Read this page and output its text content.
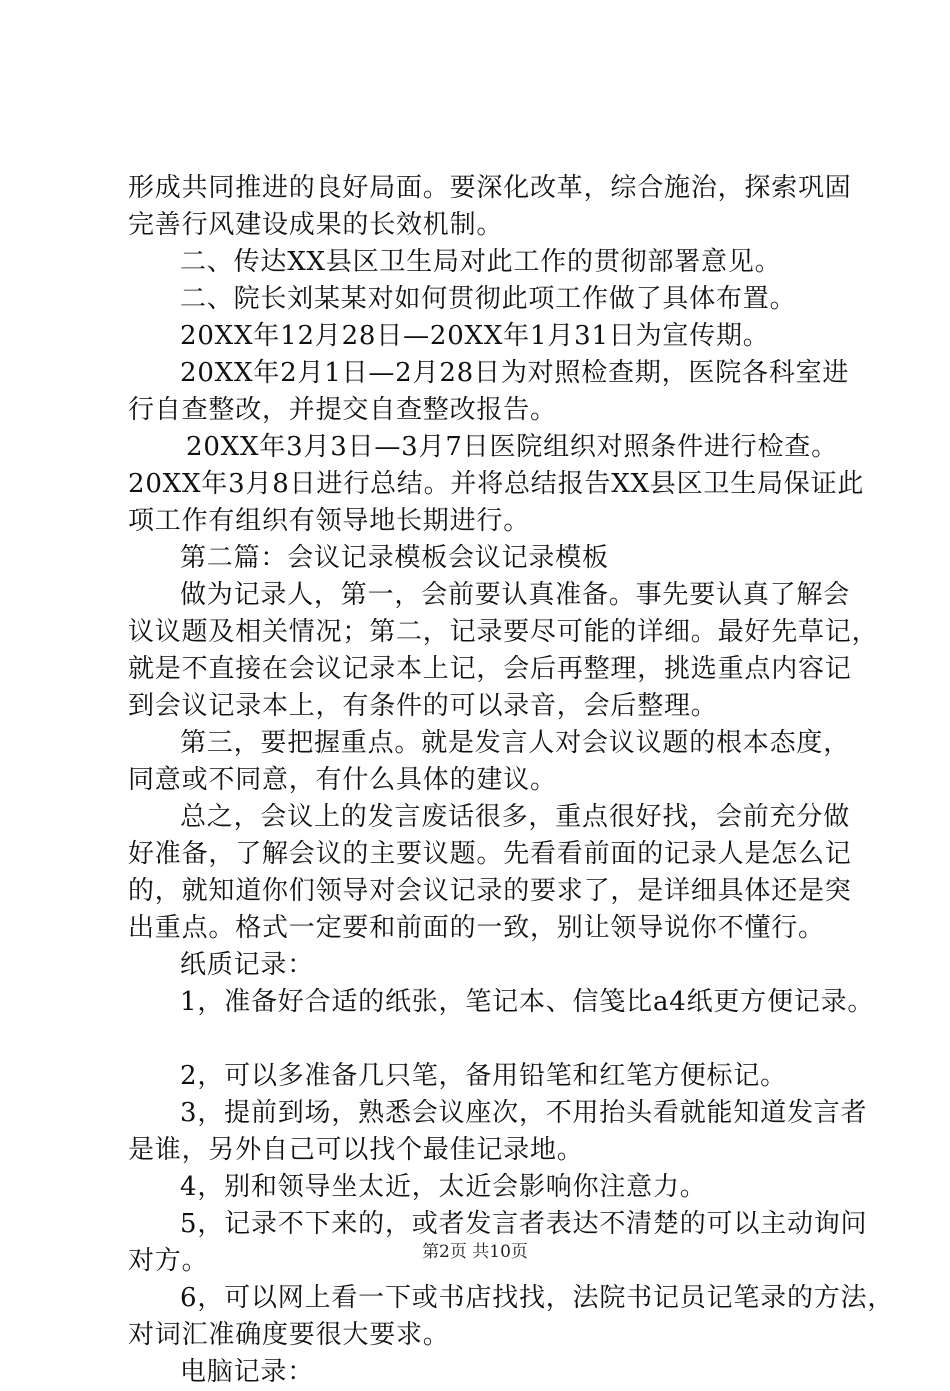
形成共同推进的良好局面。要深化改革，综合施治，探索巩固
完善行风建设成果的长效机制。
二、传达XX县区卫生局对此工作的贯彻部署意见。
二、院长刘某某对如何贯彻此项工作做了具体布置。
20XX年12月28日—20XX年1月31日为宣传期。
20XX年2月1日—2月28日为对照检查期，医院各科室进
行自查整改，并提交自查整改报告。
20XX年3月3日—3月7日医院组织对照条件进行检查。
20XX年3月8日进行总结。并将总结报告XX县区卫生局保证此
项工作有组织有领导地长期进行。
第二篇：会议记录模板会议记录模板
做为记录人，第一，会前要认真准备。事先要认真了解会
议议题及相关情况；第二，记录要尽可能的详细。最好先草记，
就是不直接在会议记录本上记，会后再整理，挑选重点内容记
到会议记录本上，有条件的可以录音，会后整理。
第三，要把握重点。就是发言人对会议议题的根本态度，
同意或不同意，有什么具体的建议。
总之，会议上的发言废话很多，重点很好找，会前充分做
好准备，了解会议的主要议题。先看看前面的记录人是怎么记
的，就知道你们领导对会议记录的要求了，是详细具体还是突
出重点。格式一定要和前面的一致，别让领导说你不懂行。
纸质记录：
1，准备好合适的纸张，笔记本、信笺比a4纸更方便记录。
2，可以多准备几只笔，备用铅笔和红笔方便标记。
3，提前到场，熟悉会议座次，不用抬头看就能知道发言者
是谁，另外自己可以找个最佳记录地。
4，别和领导坐太近，太近会影响你注意力。
5，记录不下来的，或者发言者表达不清楚的可以主动询问
对方。
6，可以网上看一下或书店找找，法院书记员记笔录的方法，
对词汇准确度要很大要求。
电脑记录：
第2页 共10页
